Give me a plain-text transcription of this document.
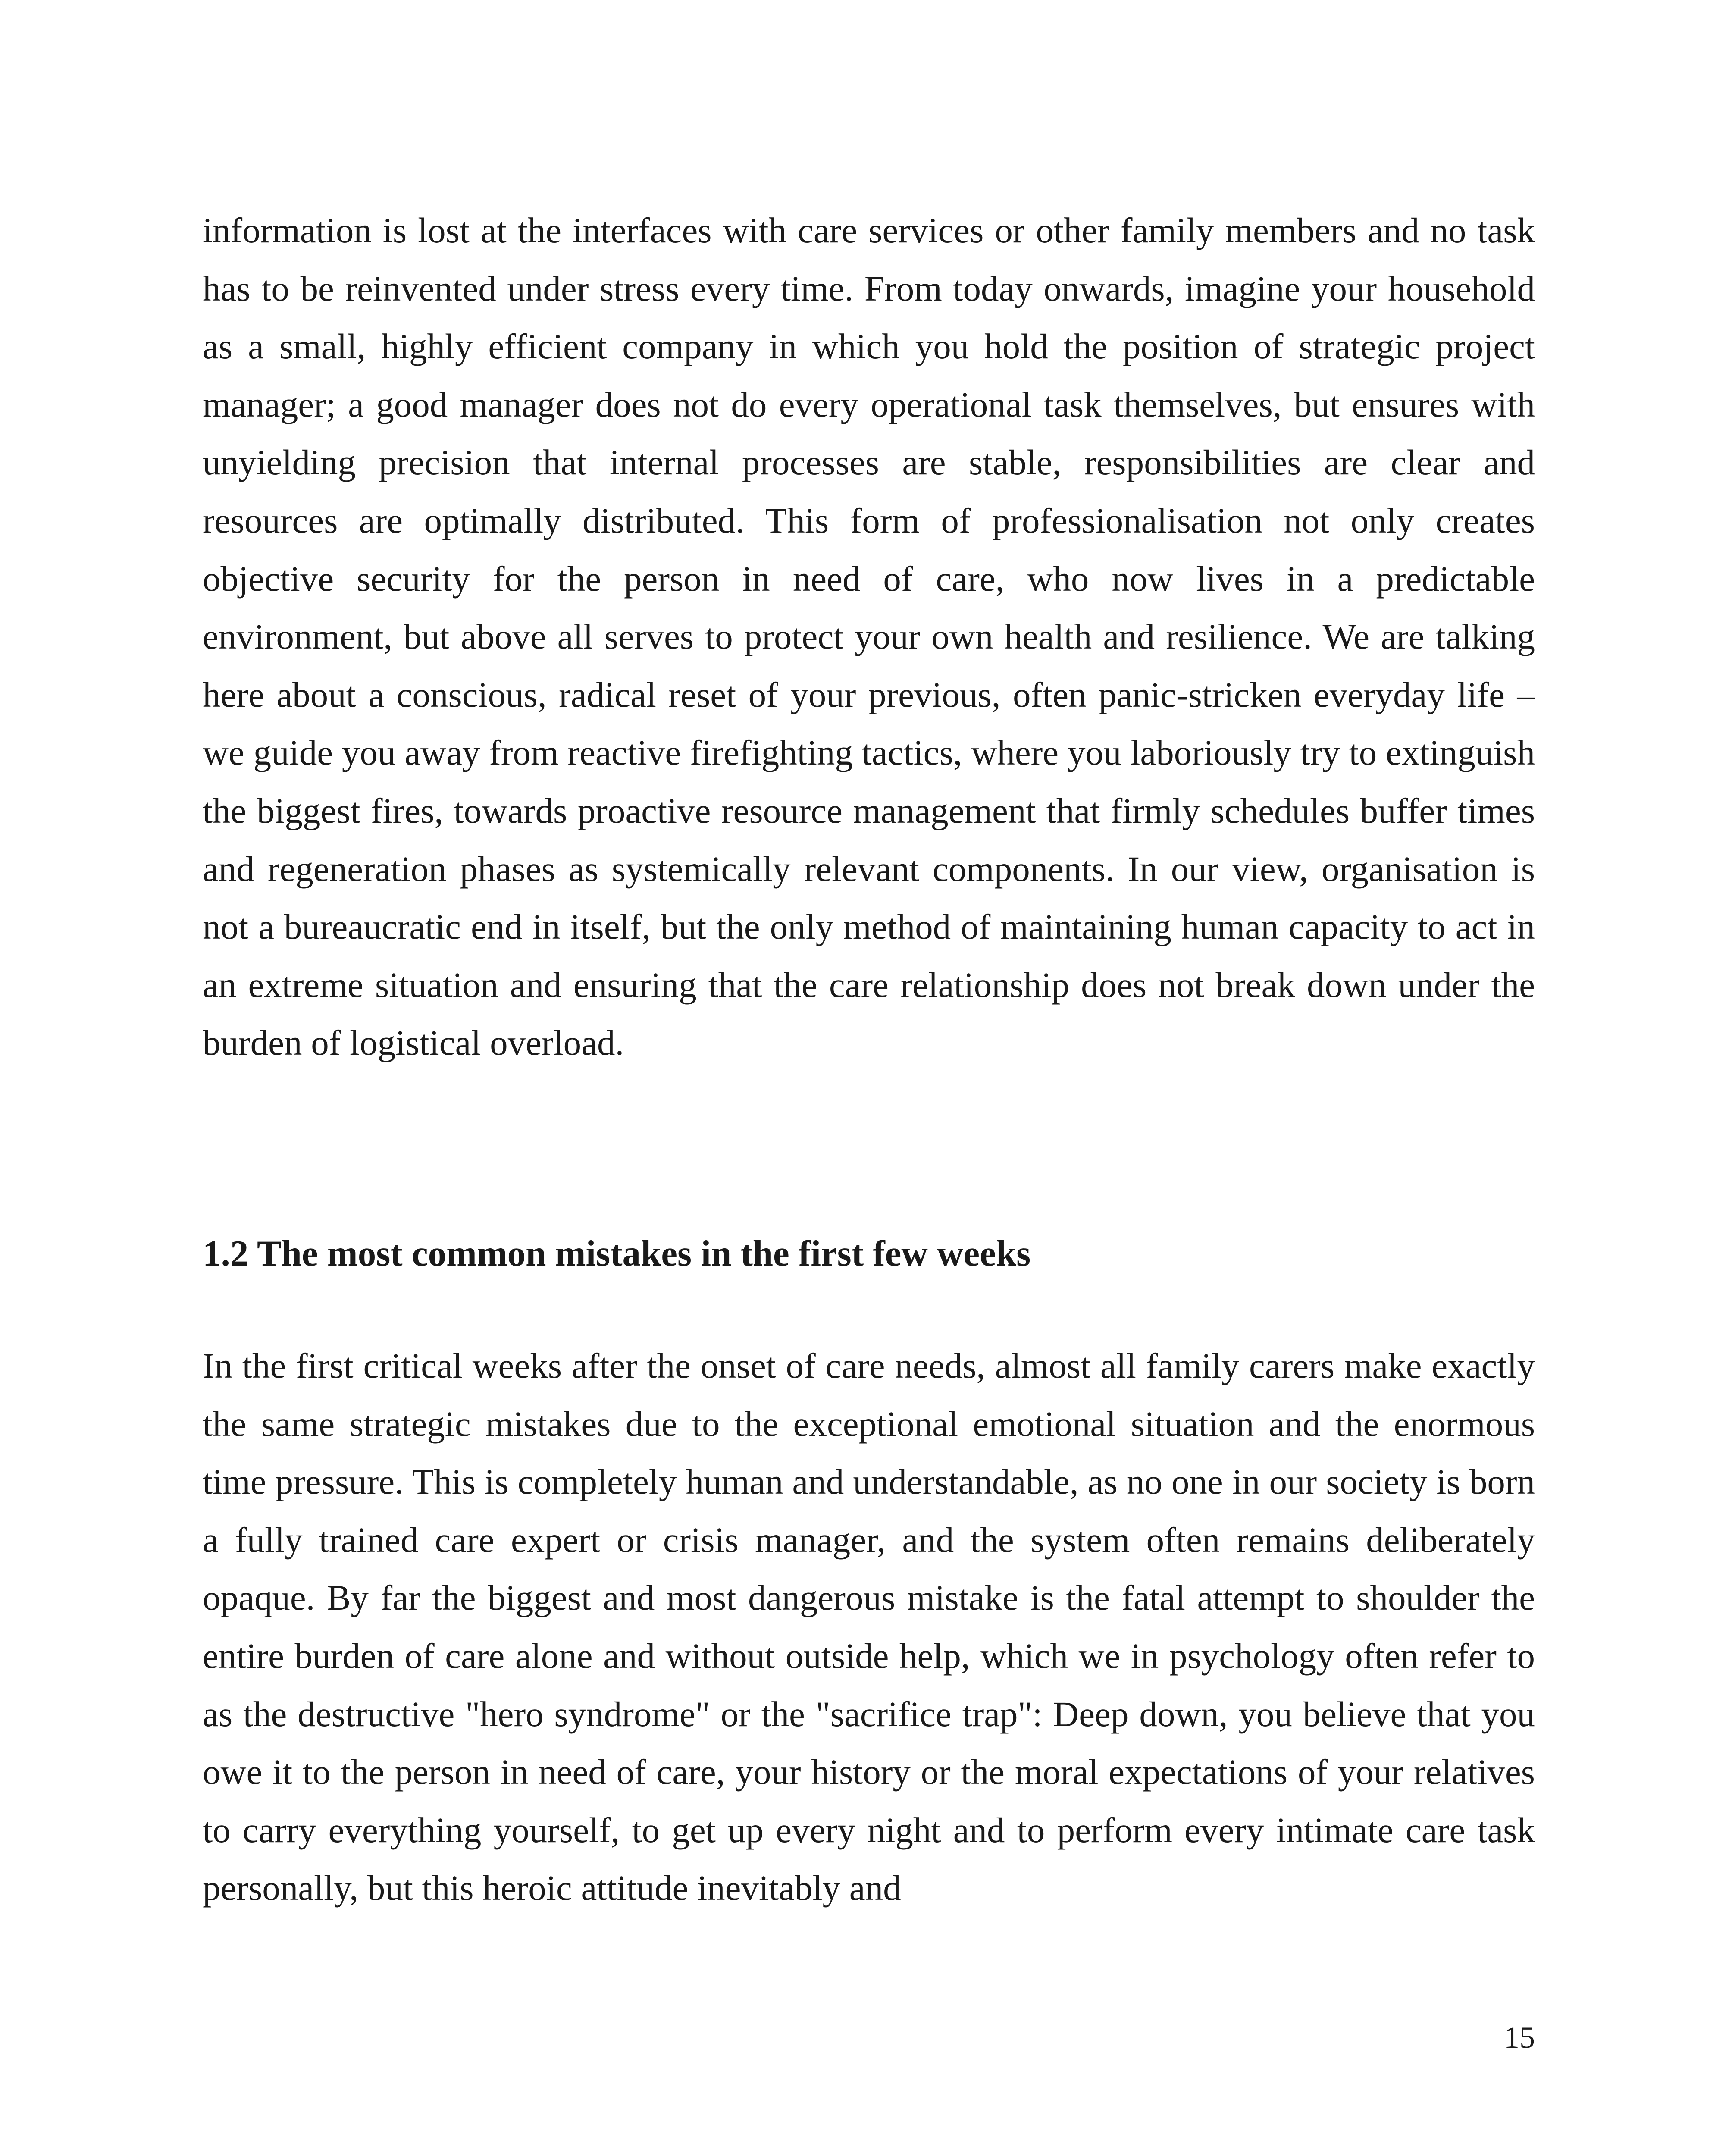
information is lost at the interfaces with care services or other family members and no task has to be reinvented under stress every time. From today onwards, imagine your household as a small, highly efficient company in which you hold the position of strategic project manager; a good manager does not do every operational task themselves, but ensures with unyielding precision that internal processes are stable, responsibilities are clear and resources are optimally distributed. This form of professionalisation not only creates objective security for the person in need of care, who now lives in a predictable environment, but above all serves to protect your own health and resilience. We are talking here about a conscious, radical reset of your previous, often panic-stricken everyday life – we guide you away from reactive firefighting tactics, where you laboriously try to extinguish the biggest fires, towards proactive resource management that firmly schedules buffer times and regeneration phases as systemically relevant components. In our view, organisation is not a bureaucratic end in itself, but the only method of maintaining human capacity to act in an extreme situation and ensuring that the care relationship does not break down under the burden of logistical overload.

1.2 The most common mistakes in the first few weeks

In the first critical weeks after the onset of care needs, almost all family carers make exactly the same strategic mistakes due to the exceptional emotional situation and the enormous time pressure. This is completely human and understandable, as no one in our society is born a fully trained care expert or crisis manager, and the system often remains deliberately opaque. By far the biggest and most dangerous mistake is the fatal attempt to shoulder the entire burden of care alone and without outside help, which we in psychology often refer to as the destructive "hero syndrome" or the "sacrifice trap": Deep down, you believe that you owe it to the person in need of care, your history or the moral expectations of your relatives to carry everything yourself, to get up every night and to perform every intimate care task personally, but this heroic attitude inevitably and

15
